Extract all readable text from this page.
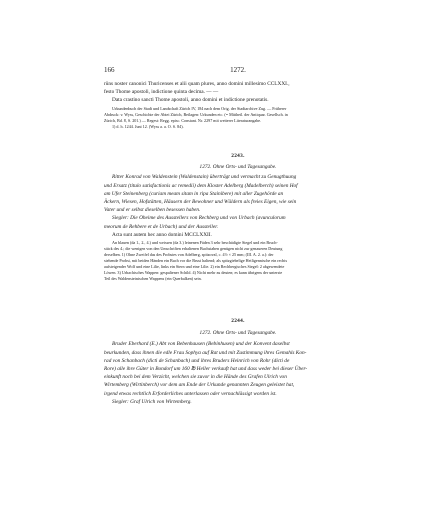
166	1272.

rüns noster canonici Thuricenses et alii quam plures, anno domini millesimo CCLXXI.,

festo Thome apostoli, indictione quinta decima. — —

Data crastino sancti Thome apostoli, anno domini et indictione prenotatis.

Urkundenbuch der Stadt und Landschaft Zürich IV, 184 nach dem Orig. der Stadtarchive Zug. — Früherer

Abdruck: v. Wyss, Geschichte der Abtei Zürich, Beilagen: Urkunden etc. (= Mittheil. der Antiquar. Gesellsch. in

Zürich, Bd. 8, S. 201.) — Regest: Regg. episc. Constant. Nr. 2297 mit weiterer Literaturangabe.

1) d. h. 1244. Juni 12. (Wyss a. a. O. S. 84).

2243.

1272. Ohne Orts- und Tagesangabe.

Ritter Konrad von Waldenstein (Waldenstain) überträgt und vermacht zu Genugthuung

und Ersatz (titulo satisfactionis ac remedii) dem Kloster Adelberg (Madelberch) seinen Hof

am Ufer Steinenberg (curiam meam sitam in ripa Stainibere) mit aller Zugehörde an

Äckern, Wiesen, Hofstätten, Häusern der Bewohner und Wäldern als freies Eigen, wie sein

Vater und er selbst dieselben besessen haben.

Siegler: Die Oheime des Ausstellers von Rechberg und von Urbach (avunculorum

meorum de Rehbere et de Urbach) und der Aussteller.

Acta sunt autem hec anno domini MCCLXXII.

An blauen (da 1., 2., 4.) und weissen (da 3.) leinenen Fäden 3 sehr beschädigte Siegel und ein Bruch-

stück des 4.; die wenigen von den Umschriften erhaltenen Buchstaben genügen nicht zur genaueren Deutung

derselben. 1) Ohne Zweifel das des Probstes von Adelberg, spitzoval, c. 4½ × 25 mm; (III. A. 2. a.): der

stehende Probst, mit beiden Händen ein Buch vor die Brust haltend; als spitzgiebelige Heiligennische ein rechts

aufsteigender Wolf und eine Lilie, links ein Stern und eine Lilie. 2) ein Rechbergisches Siegel: 2 abgewendete

Löwen. 3) Urbachisches Wappen: gespaltener Schild. 4) Nicht mehr zu deuten; es kann übrigens der unterste

Teil des Waldensteinischen Wappens (ein Querbalken) sein.

2244.

1272. Ohne Orts- und Tagesangabe.

Bruder Eberhard (E.) Abt von Bebenhausen (Bebinhusen) und der Konvent daselbst

beurkunden, dass ihnen die edle Frau Sophya auf Rat und mit Zustimmung ihres Gemahls Kon-

rad von Schanbach (dicti de Schanbach) und ihres Bruders Heinrich von Rohr (dicti de

Rore) alle ihre Güter in Bondorf um 160 ℔ Heller verkauft hat und dass weder bei dieser Über-

einkunft noch bei dem Verzicht, welchen sie zuvor in die Hände des Grafen Ulrich von

Wirtemberg (Wirtinberch) vor dem am Ende der Urkunde genannten Zeugen geleistet hat,

irgend etwas rechtlich Erforderliches unterlassen oder vernachlässigt worden ist.

Siegler: Graf Ulrich von Wirtemberg.
